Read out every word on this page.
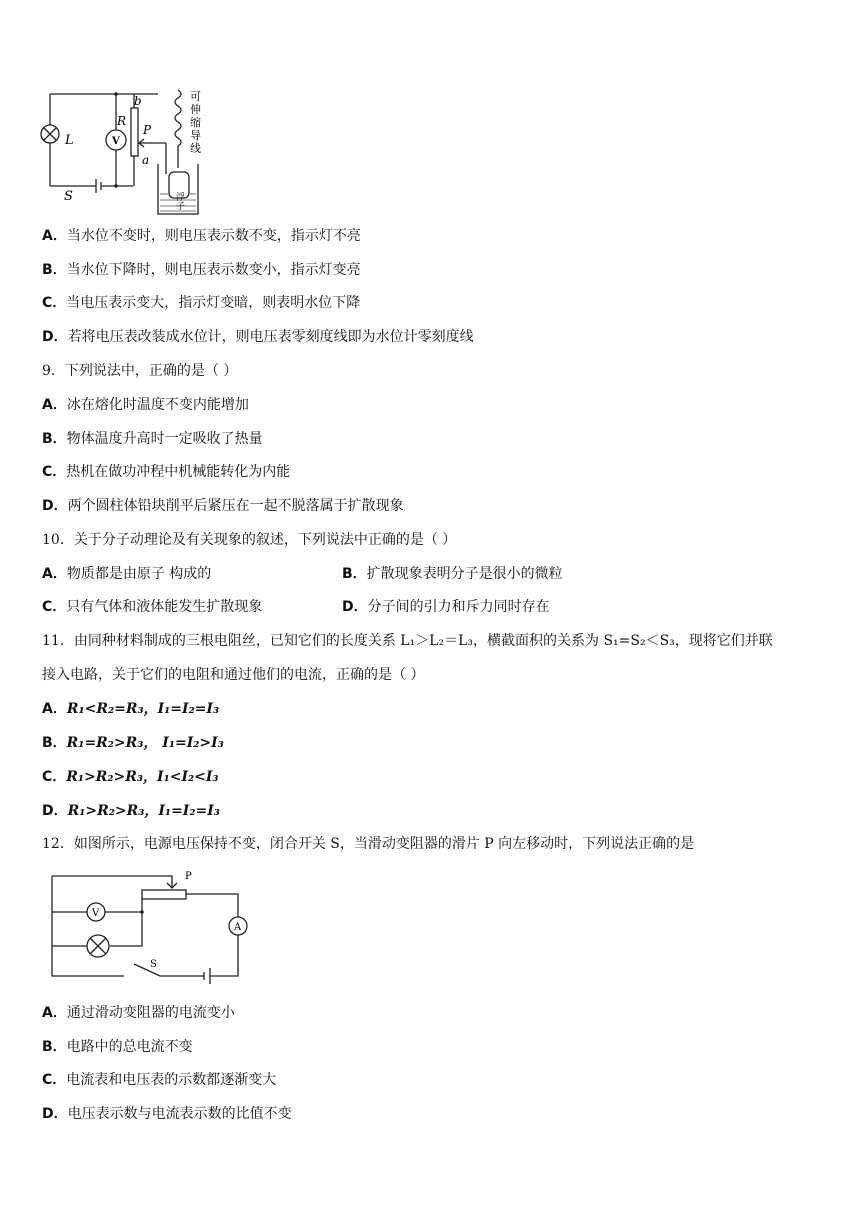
L	V
R
b
P
a
S	浮子
可
伸
缩
导
线
A．当水位不变时，则电压表示数不变，指示灯不亮
B．当水位下降时，则电压表示数变小，指示灯变亮
C．当电压表示变大，指示灯变暗，则表明水位下降
D．若将电压表改装成水位计，则电压表零刻度线即为水位计零刻度线
9．下列说法中，正确的是（ ）
A．冰在熔化时温度不变内能增加
B．物体温度升高时一定吸收了热量
C．热机在做功冲程中机械能转化为内能
D．两个圆柱体铅块削平后紧压在一起不脱落属于扩散现象
10．关于分子动理论及有关现象的叙述，下列说法中正确的是（ ）
A．物质都是由原子 构成的	B．扩散现象表明分子是很小的微粒
C．只有气体和液体能发生扩散现象	D．分子间的引力和斥力同时存在
11．由同种材料制成的三根电阻丝，已知它们的长度关系 L₁＞L₂＝L₃，横截面积的关系为 S₁=S₂＜S₃，现将它们并联
接入电路，关于它们的电阻和通过他们的电流，正确的是（ ）
A．R₁<R₂=R₃，I₁=I₂=I₃
B．R₁=R₂>R₃， I₁=I₂>I₃
C．R₁>R₂>R₃，I₁<I₂<I₃
D．R₁>R₂>R₃，I₁=I₂=I₃
12．如图所示，电源电压保持不变，闭合开关 S，当滑动变阻器的滑片 P 向左移动时，下列说法正确的是
P
V
A
S
A．通过滑动变阻器的电流变小
B．电路中的总电流不变
C．电流表和电压表的示数都逐渐变大
D．电压表示数与电流表示数的比值不变
